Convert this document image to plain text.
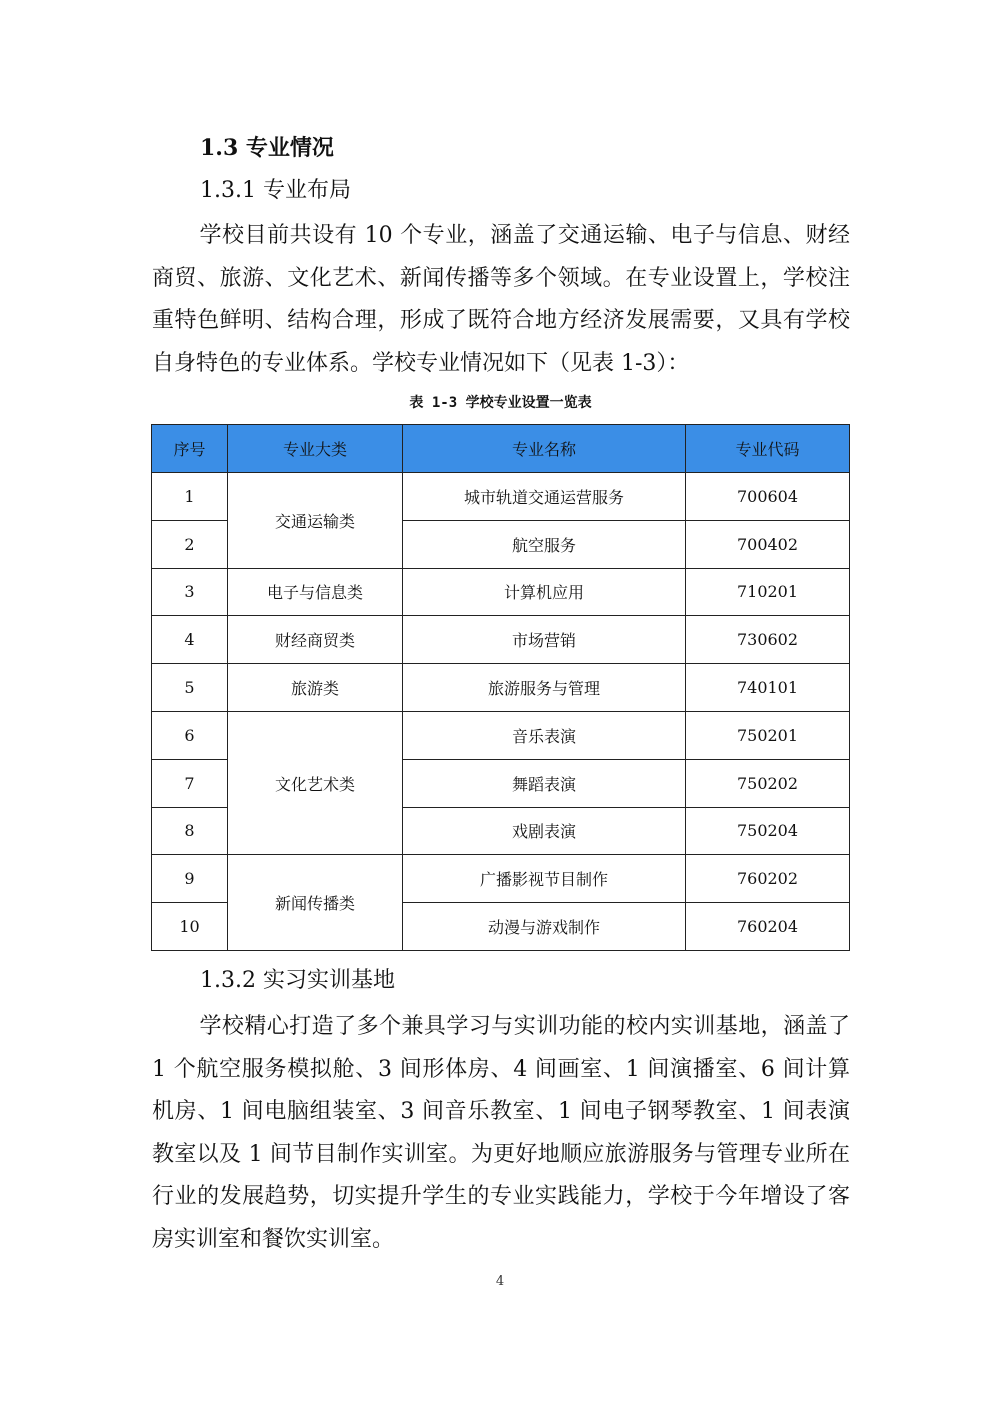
1.3 专业情况
1.3.1 专业布局

学校目前共设有 10 个专业，涵盖了交通运输、电子与信息、财经商贸、旅游、文化艺术、新闻传播等多个领域。在专业设置上，学校注重特色鲜明、结构合理，形成了既符合地方经济发展需要，又具有学校自身特色的专业体系。学校专业情况如下（见表 1-3）：

表 1-3 学校专业设置一览表
序号	专业大类	专业名称	专业代码
1	交通运输类	城市轨道交通运营服务	700604
2		航空服务	700402
3	电子与信息类	计算机应用	710201
4	财经商贸类	市场营销	730602
5	旅游类	旅游服务与管理	740101
6	文化艺术类	音乐表演	750201
7		舞蹈表演	750202
8		戏剧表演	750204
9	新闻传播类	广播影视节目制作	760202
10		动漫与游戏制作	760204
1.3.2 实习实训基地

学校精心打造了多个兼具学习与实训功能的校内实训基地，涵盖了 1 个航空服务模拟舱、3 间形体房、4 间画室、1 间演播室、6 间计算机房、1 间电脑组装室、3 间音乐教室、1 间电子钢琴教室、1 间表演教室以及 1 间节目制作实训室。为更好地顺应旅游服务与管理专业所在行业的发展趋势，切实提升学生的专业实践能力，学校于今年增设了客房实训室和餐饮实训室。

4
